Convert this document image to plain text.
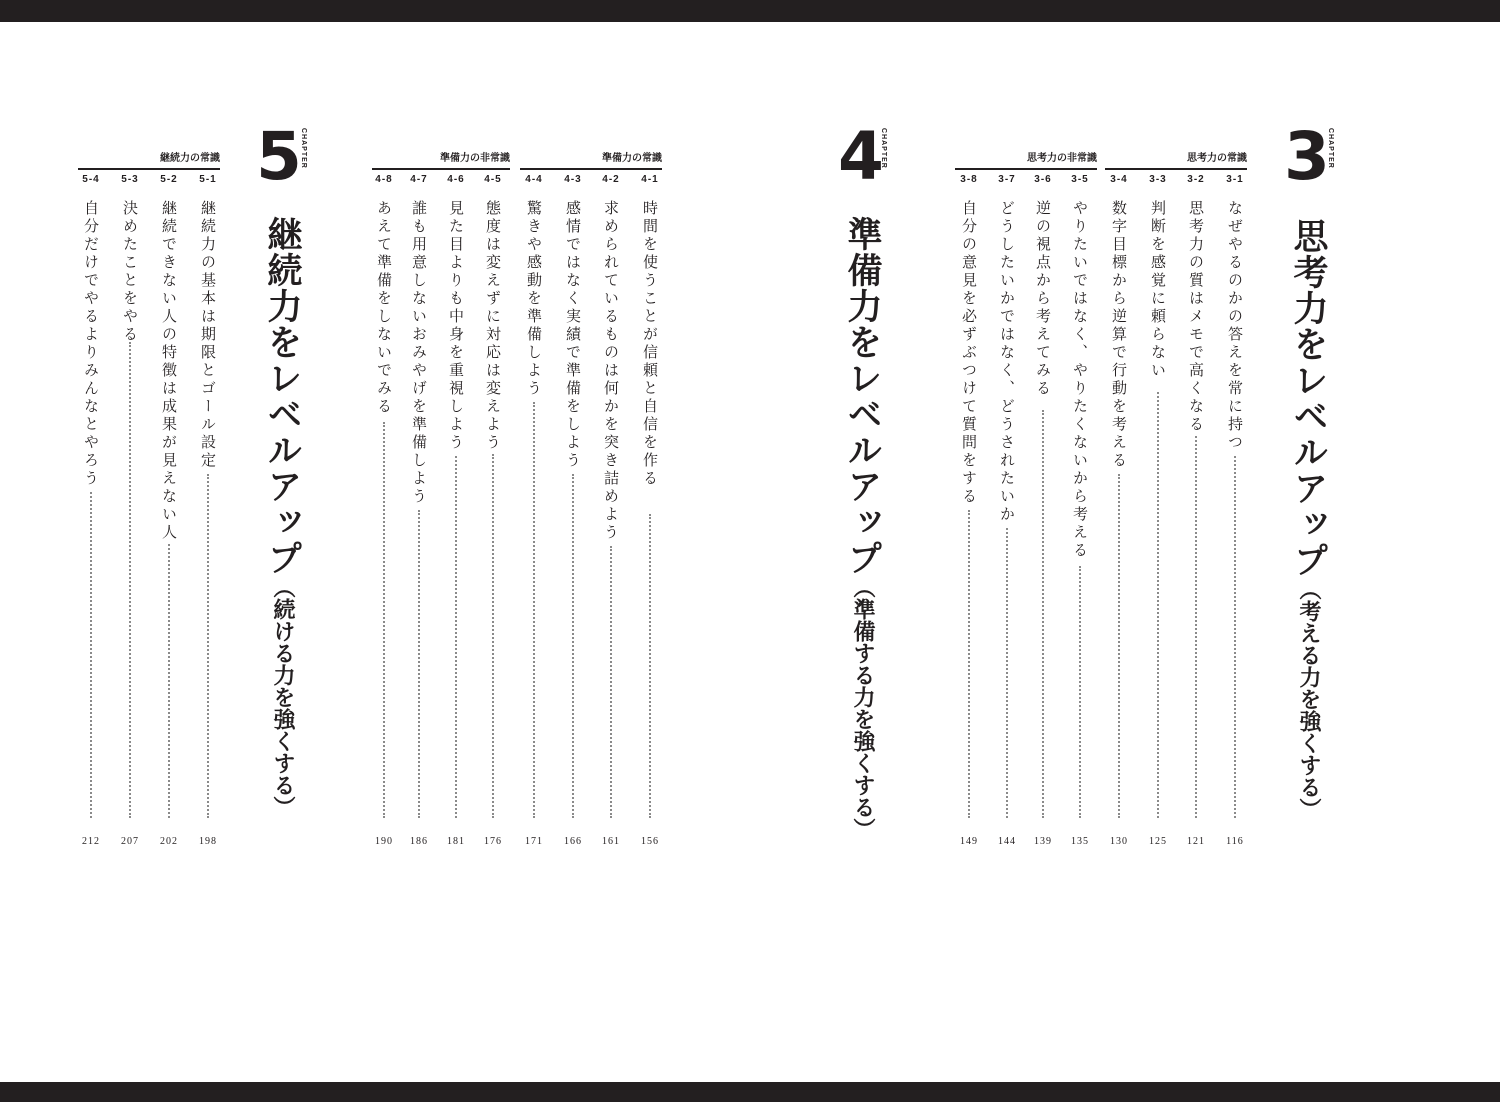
3 CHAPTER
思考力をレベルアップ（考える力を強くする）
思考力の常識
思考力の非常識
3-1
なぜやるのかの答えを常に持つ
116
3-2
思考力の質はメモで高くなる
121
3-3
判断を感覚に頼らない
125
3-4
数字目標から逆算で行動を考える
130
3-5
やりたいではなく、やりたくないから考える
135
3-6
逆の視点から考えてみる
139
3-7
どうしたいかではなく、どうされたいか
144
3-8
自分の意見を必ずぶつけて質問をする
149
4
CHAPTER
準備力をレベルアップ（準備する力を強くする）
準備力の常識
準備力の非常識
4-1
時間を使うことが信頼と自信を作る
156
4-2
求められているものは何かを突き詰めよう
161
4-3
感情ではなく実績で準備をしよう
166
4-4
驚きや感動を準備しよう
171
4-5
態度は変えずに対応は変えよう
176
4-6
見た目よりも中身を重視しよう
181
4-7
誰も用意しないおみやげを準備しよう
186
4-8
あえて準備をしないでみる
190
5 CHAPTER
継続力をレベルアップ（続ける力を強くする）
継続力の常識
5-1
継続力の基本は期限とゴール設定
198
5-2
継続できない人の特徴は成果が見えない人
202
5-3
決めたことをやる
207
5-4
自分だけでやるよりみんなとやろう
212
